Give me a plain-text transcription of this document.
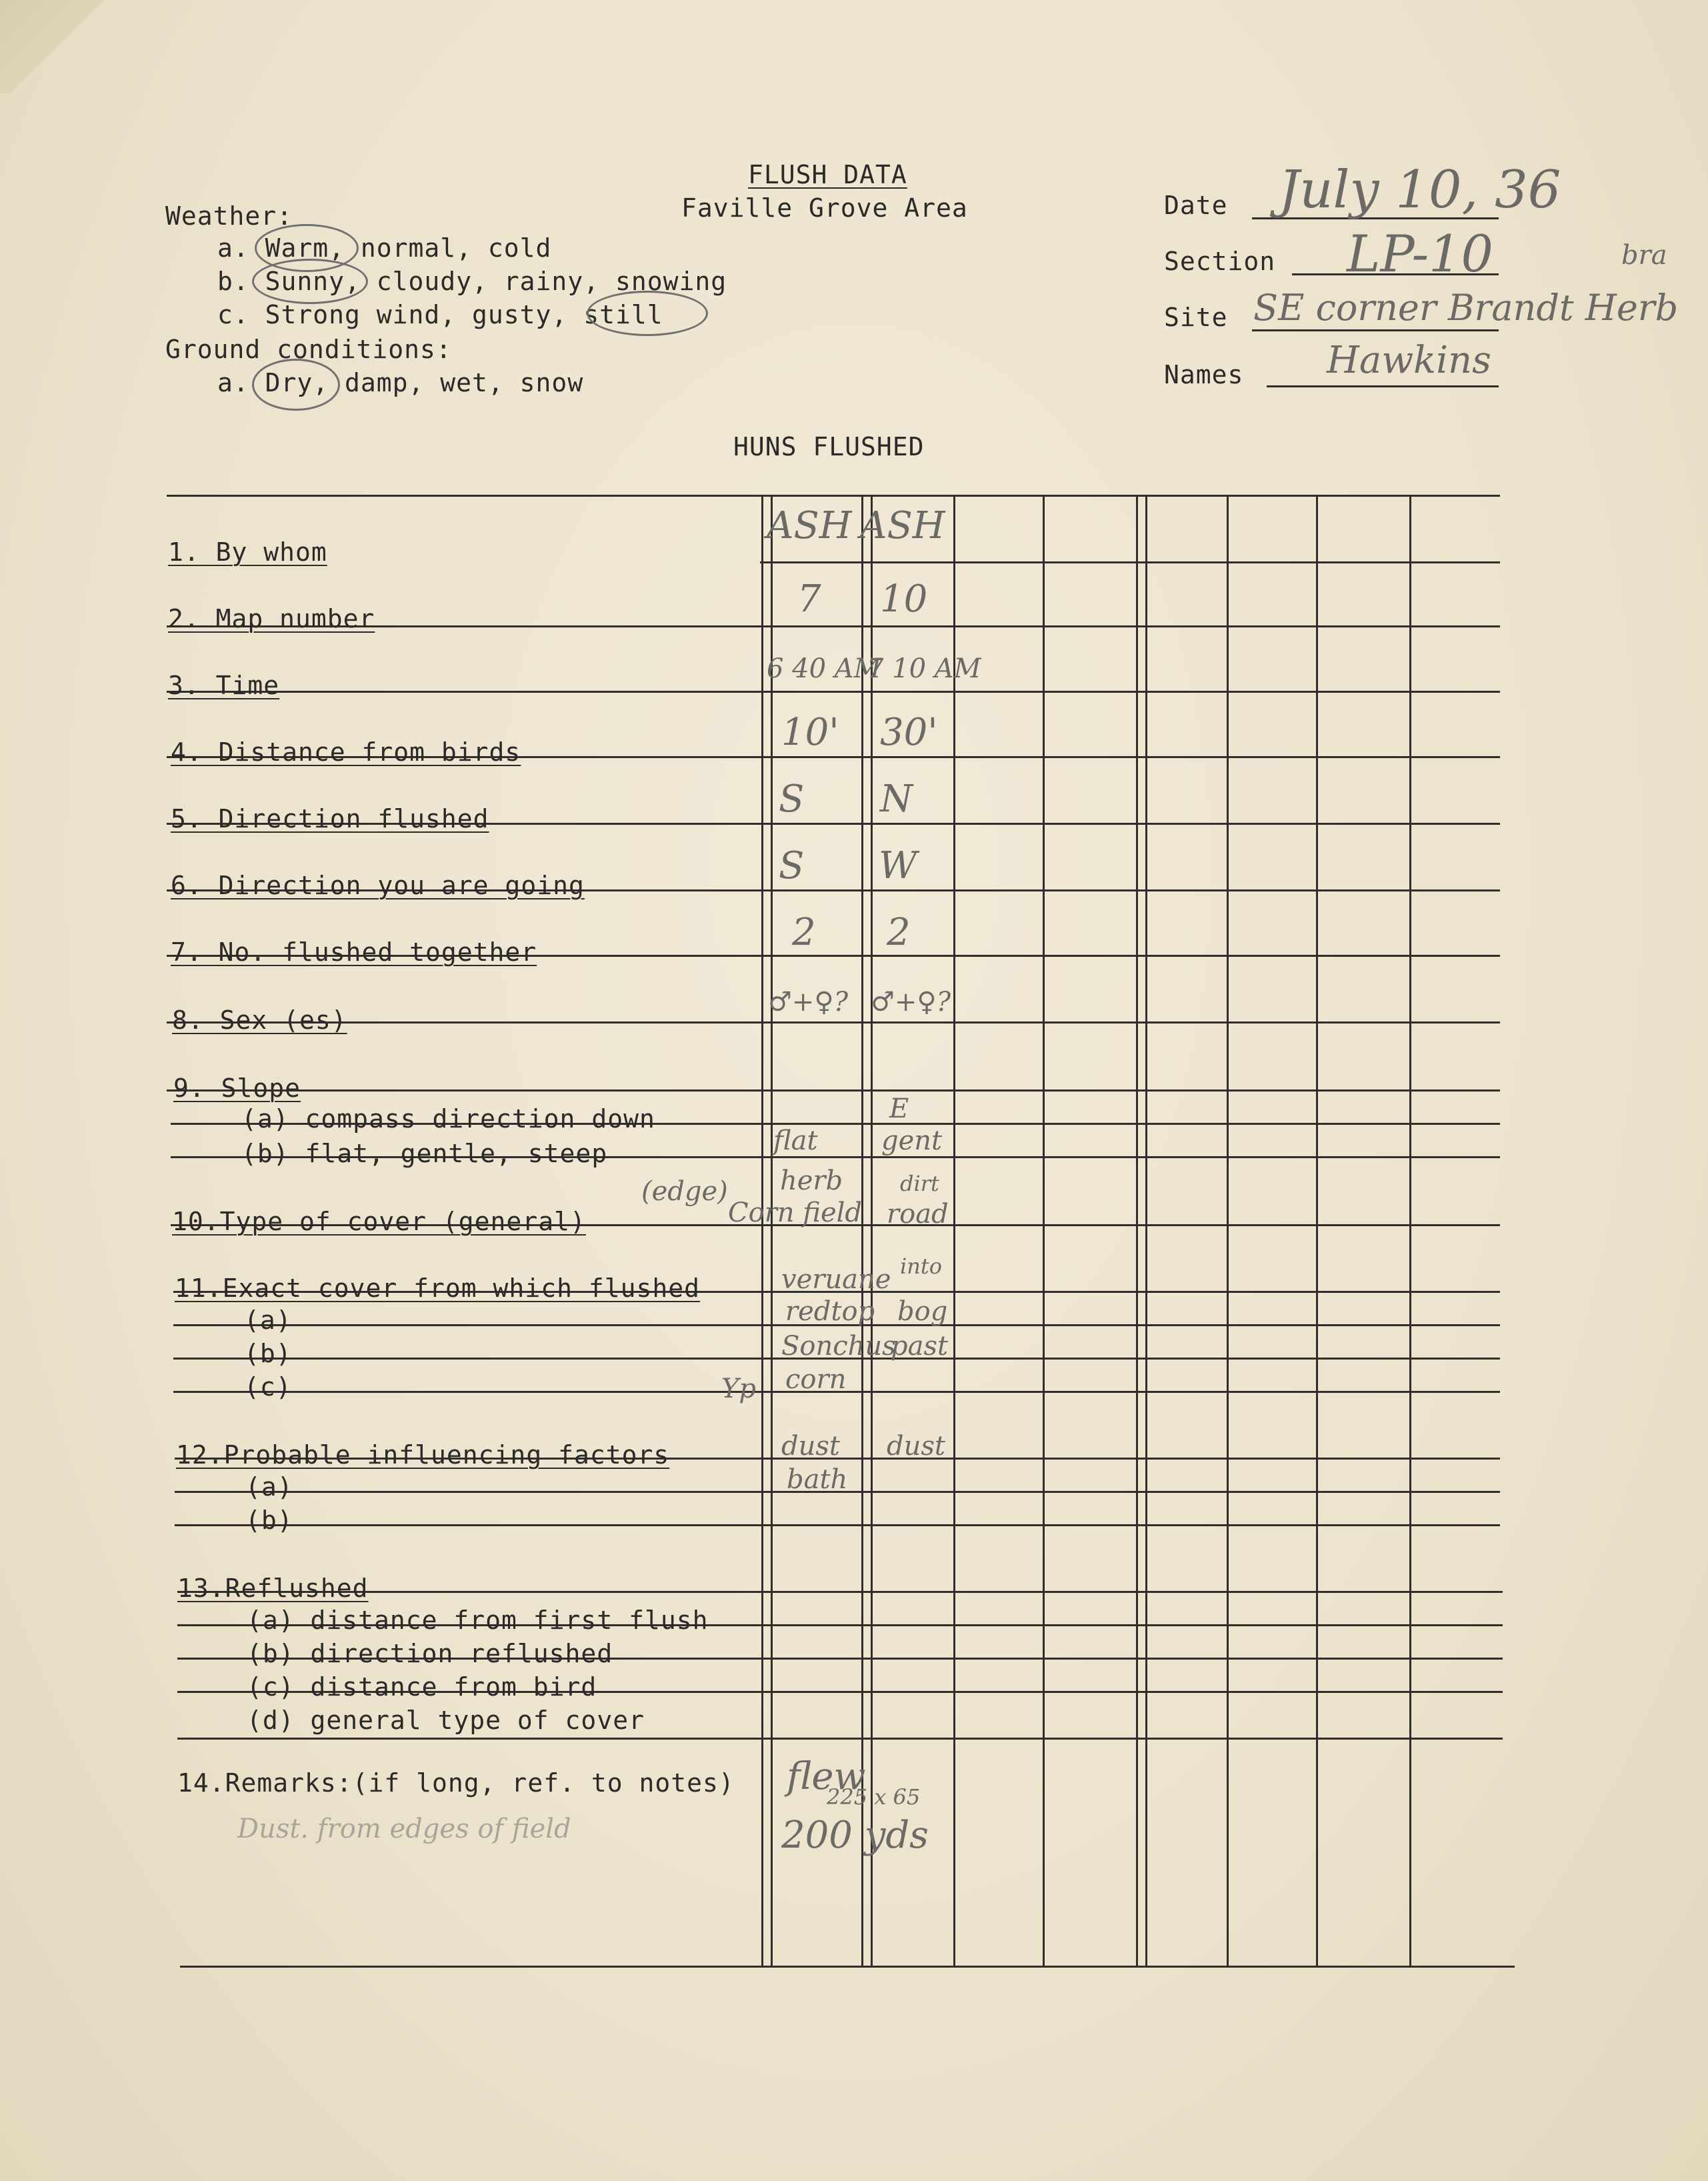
FLUSH DATA
Faville Grove Area
Weather:
a. Warm, normal, cold
b. Sunny, cloudy, rainy, snowing
c. Strong wind, gusty, still
Ground conditions:
a. Dry, damp, wet, snow
Date July 10, 36
Section LP-10	bra
Site SE corner Brandt Herb
Names Hawkins
HUNS FLUSHED
1. By whom
2. Map number
3. Time
4. Distance from birds
5. Direction flushed
6. Direction you are going
7. No. flushed together
8. Sex (es)
9. Slope
(a) compass direction down
(b) flat, gentle, steep
10.Type of cover (general)
11.Exact cover from which flushed
(a)
(b)
(c)
12.Probable influencing factors
(a)
(b)
13.Reflushed
(a) distance from first flush
(b) direction reflushed
(c) distance from bird
(d) general type of cover
14.Remarks:(if long, ref. to notes)
ASH
7
6 40 AM
10'
S
S
2
♂+♀?
flat
herb
Corn field
veruane
redtop
Sonchus
corn
dust
bath
flew
200 yds
ASH
10
7 10 AM
30'
N
W
2
♂+♀?
E
gent
dirt
road
into
bog
past
dust
225 x 65
(edge)
Yp
Dust. from edges of field
